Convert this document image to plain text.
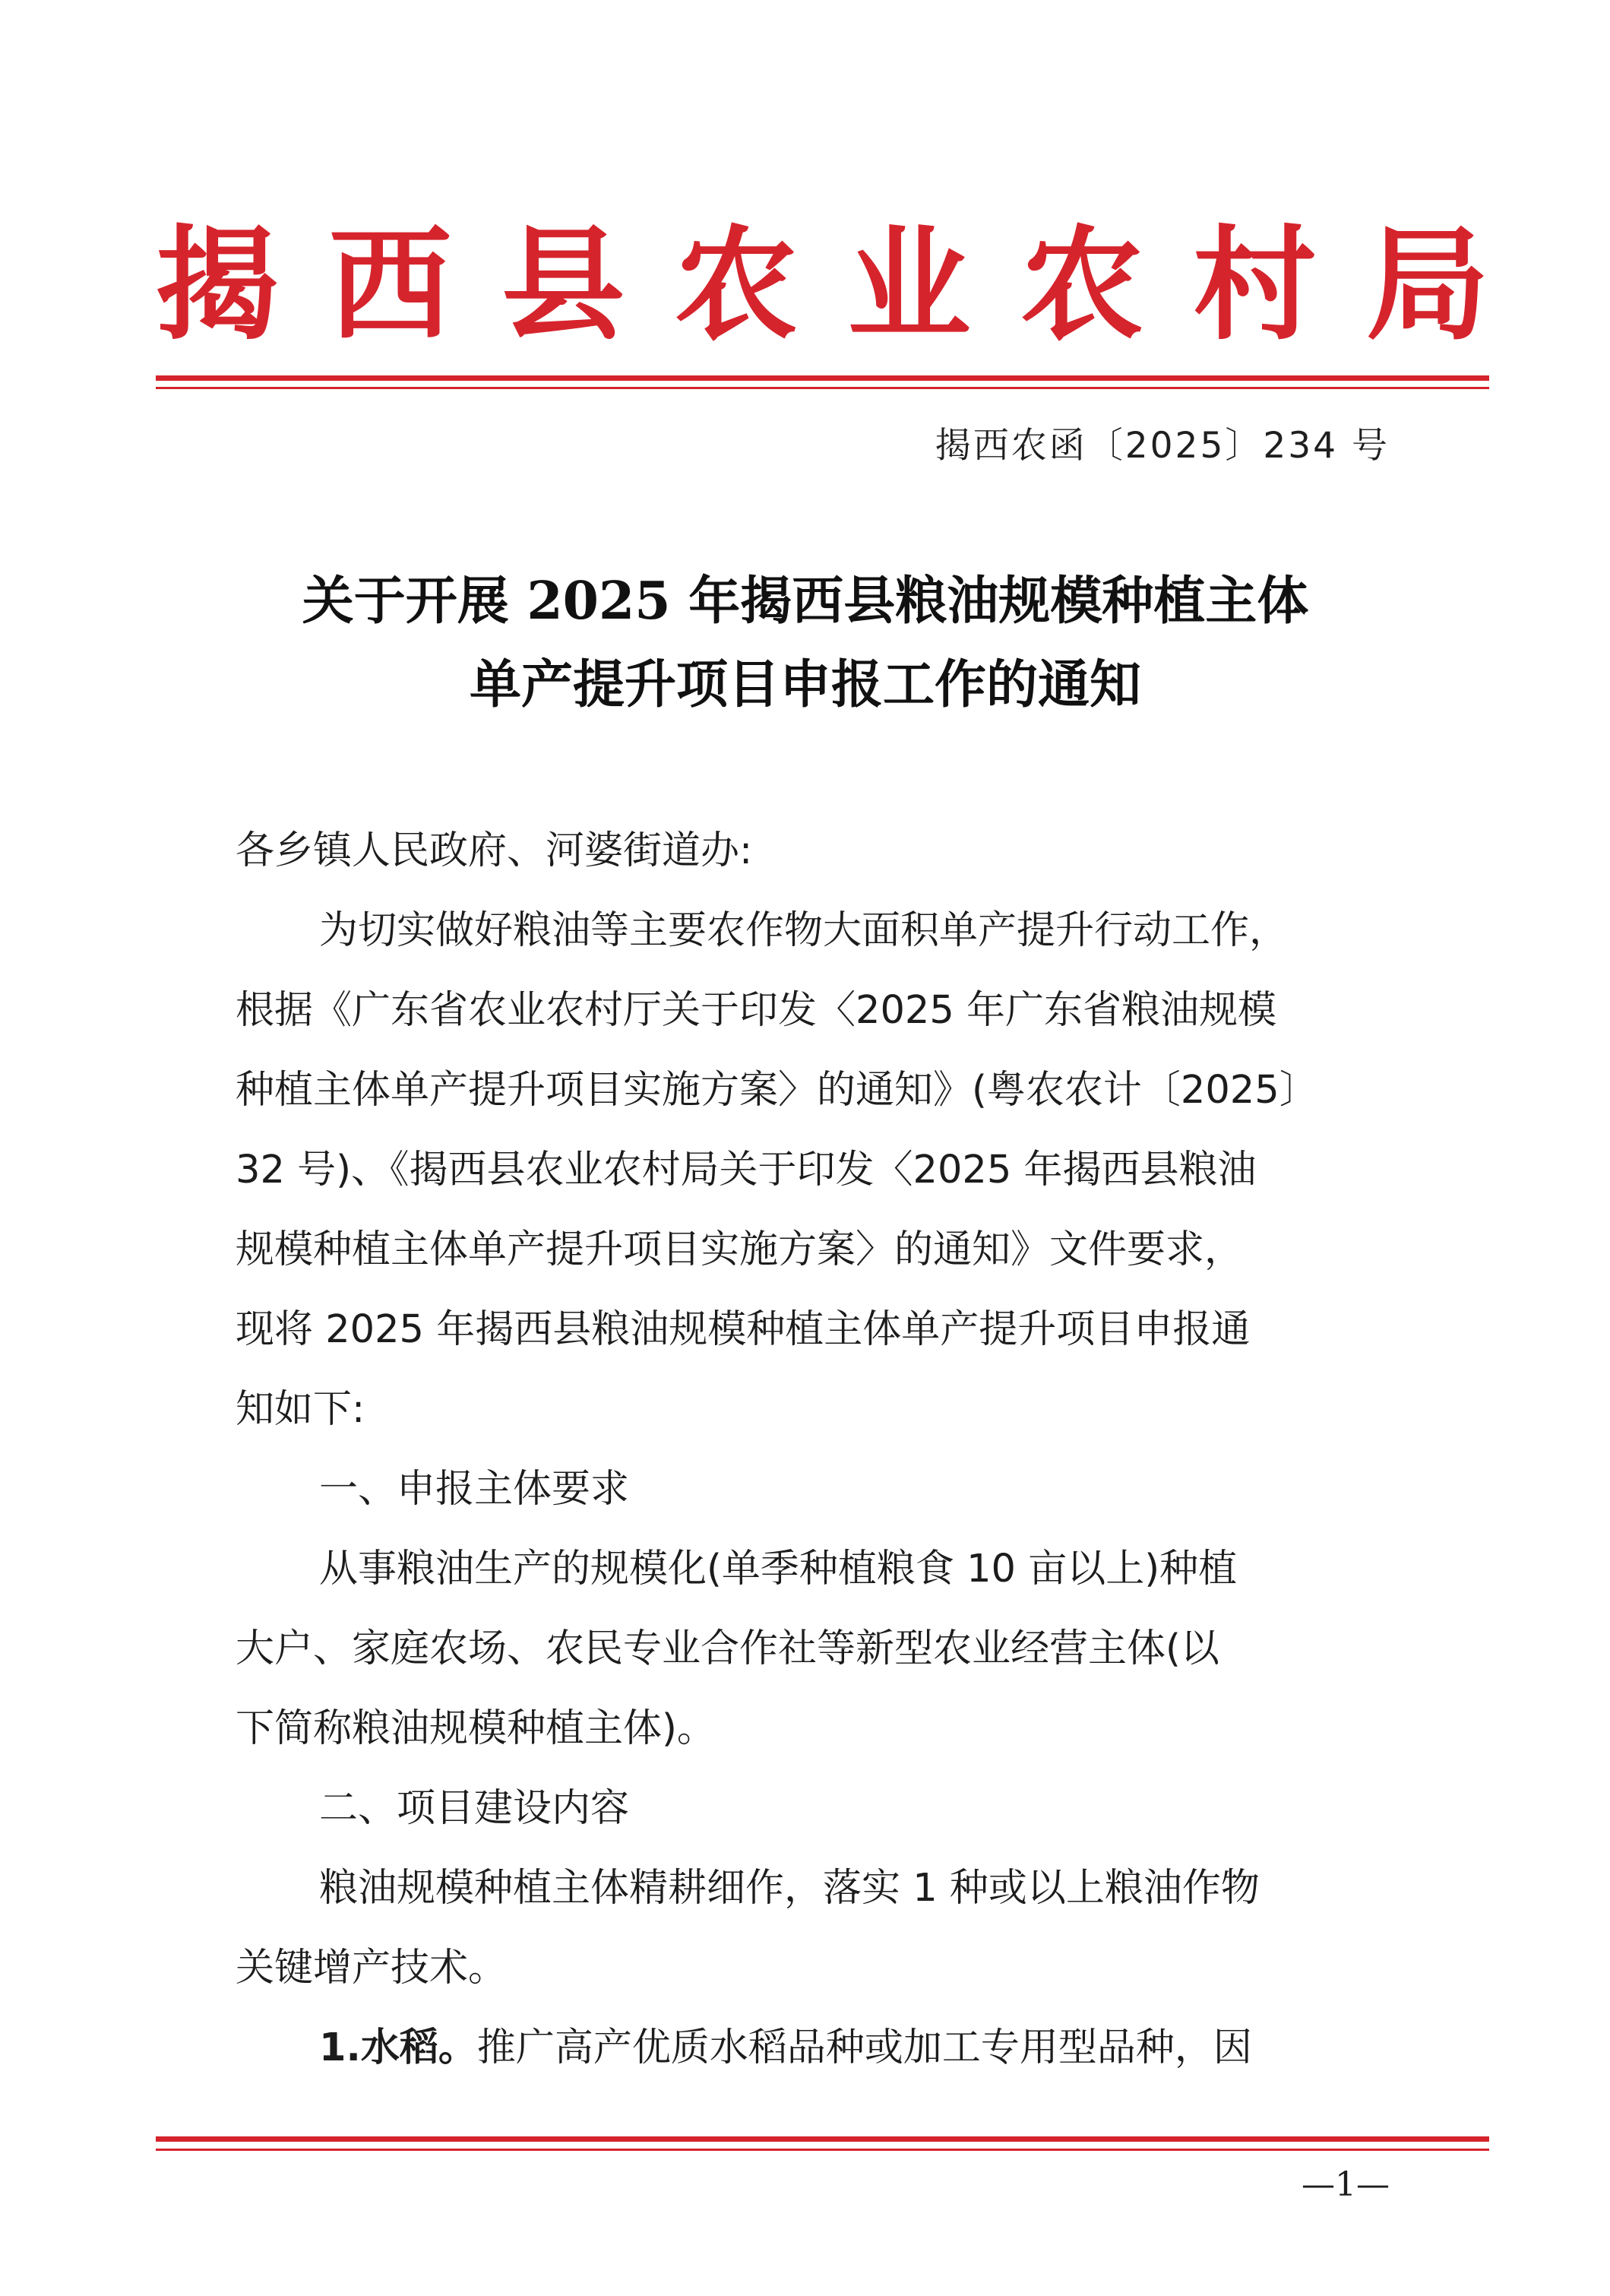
揭 西 县 农 业 农 村 局
揭西农函〔2025〕234 号
关于开展 2025 年揭西县粮油规模种植主体
单产提升项目申报工作的通知
各乡镇人民政府、河婆街道办:
为切实做好粮油等主要农作物大面积单产提升行动工作，
根据《广东省农业农村厅关于印发〈2025 年广东省粮油规模
种植主体单产提升项目实施方案〉的通知》(粤农农计〔2025〕
32 号)、《揭西县农业农村局关于印发〈2025 年揭西县粮油
规模种植主体单产提升项目实施方案〉的通知》文件要求，
现将 2025 年揭西县粮油规模种植主体单产提升项目申报通
知如下:
一、申报主体要求
从事粮油生产的规模化(单季种植粮食 10 亩以上)种植
大户、家庭农场、农民专业合作社等新型农业经营主体(以
下简称粮油规模种植主体)。
二、项目建设内容
粮油规模种植主体精耕细作，落实 1 种或以上粮油作物
关键增产技术。
1.水稻。推广高产优质水稻品种或加工专用型品种，因
—1—
